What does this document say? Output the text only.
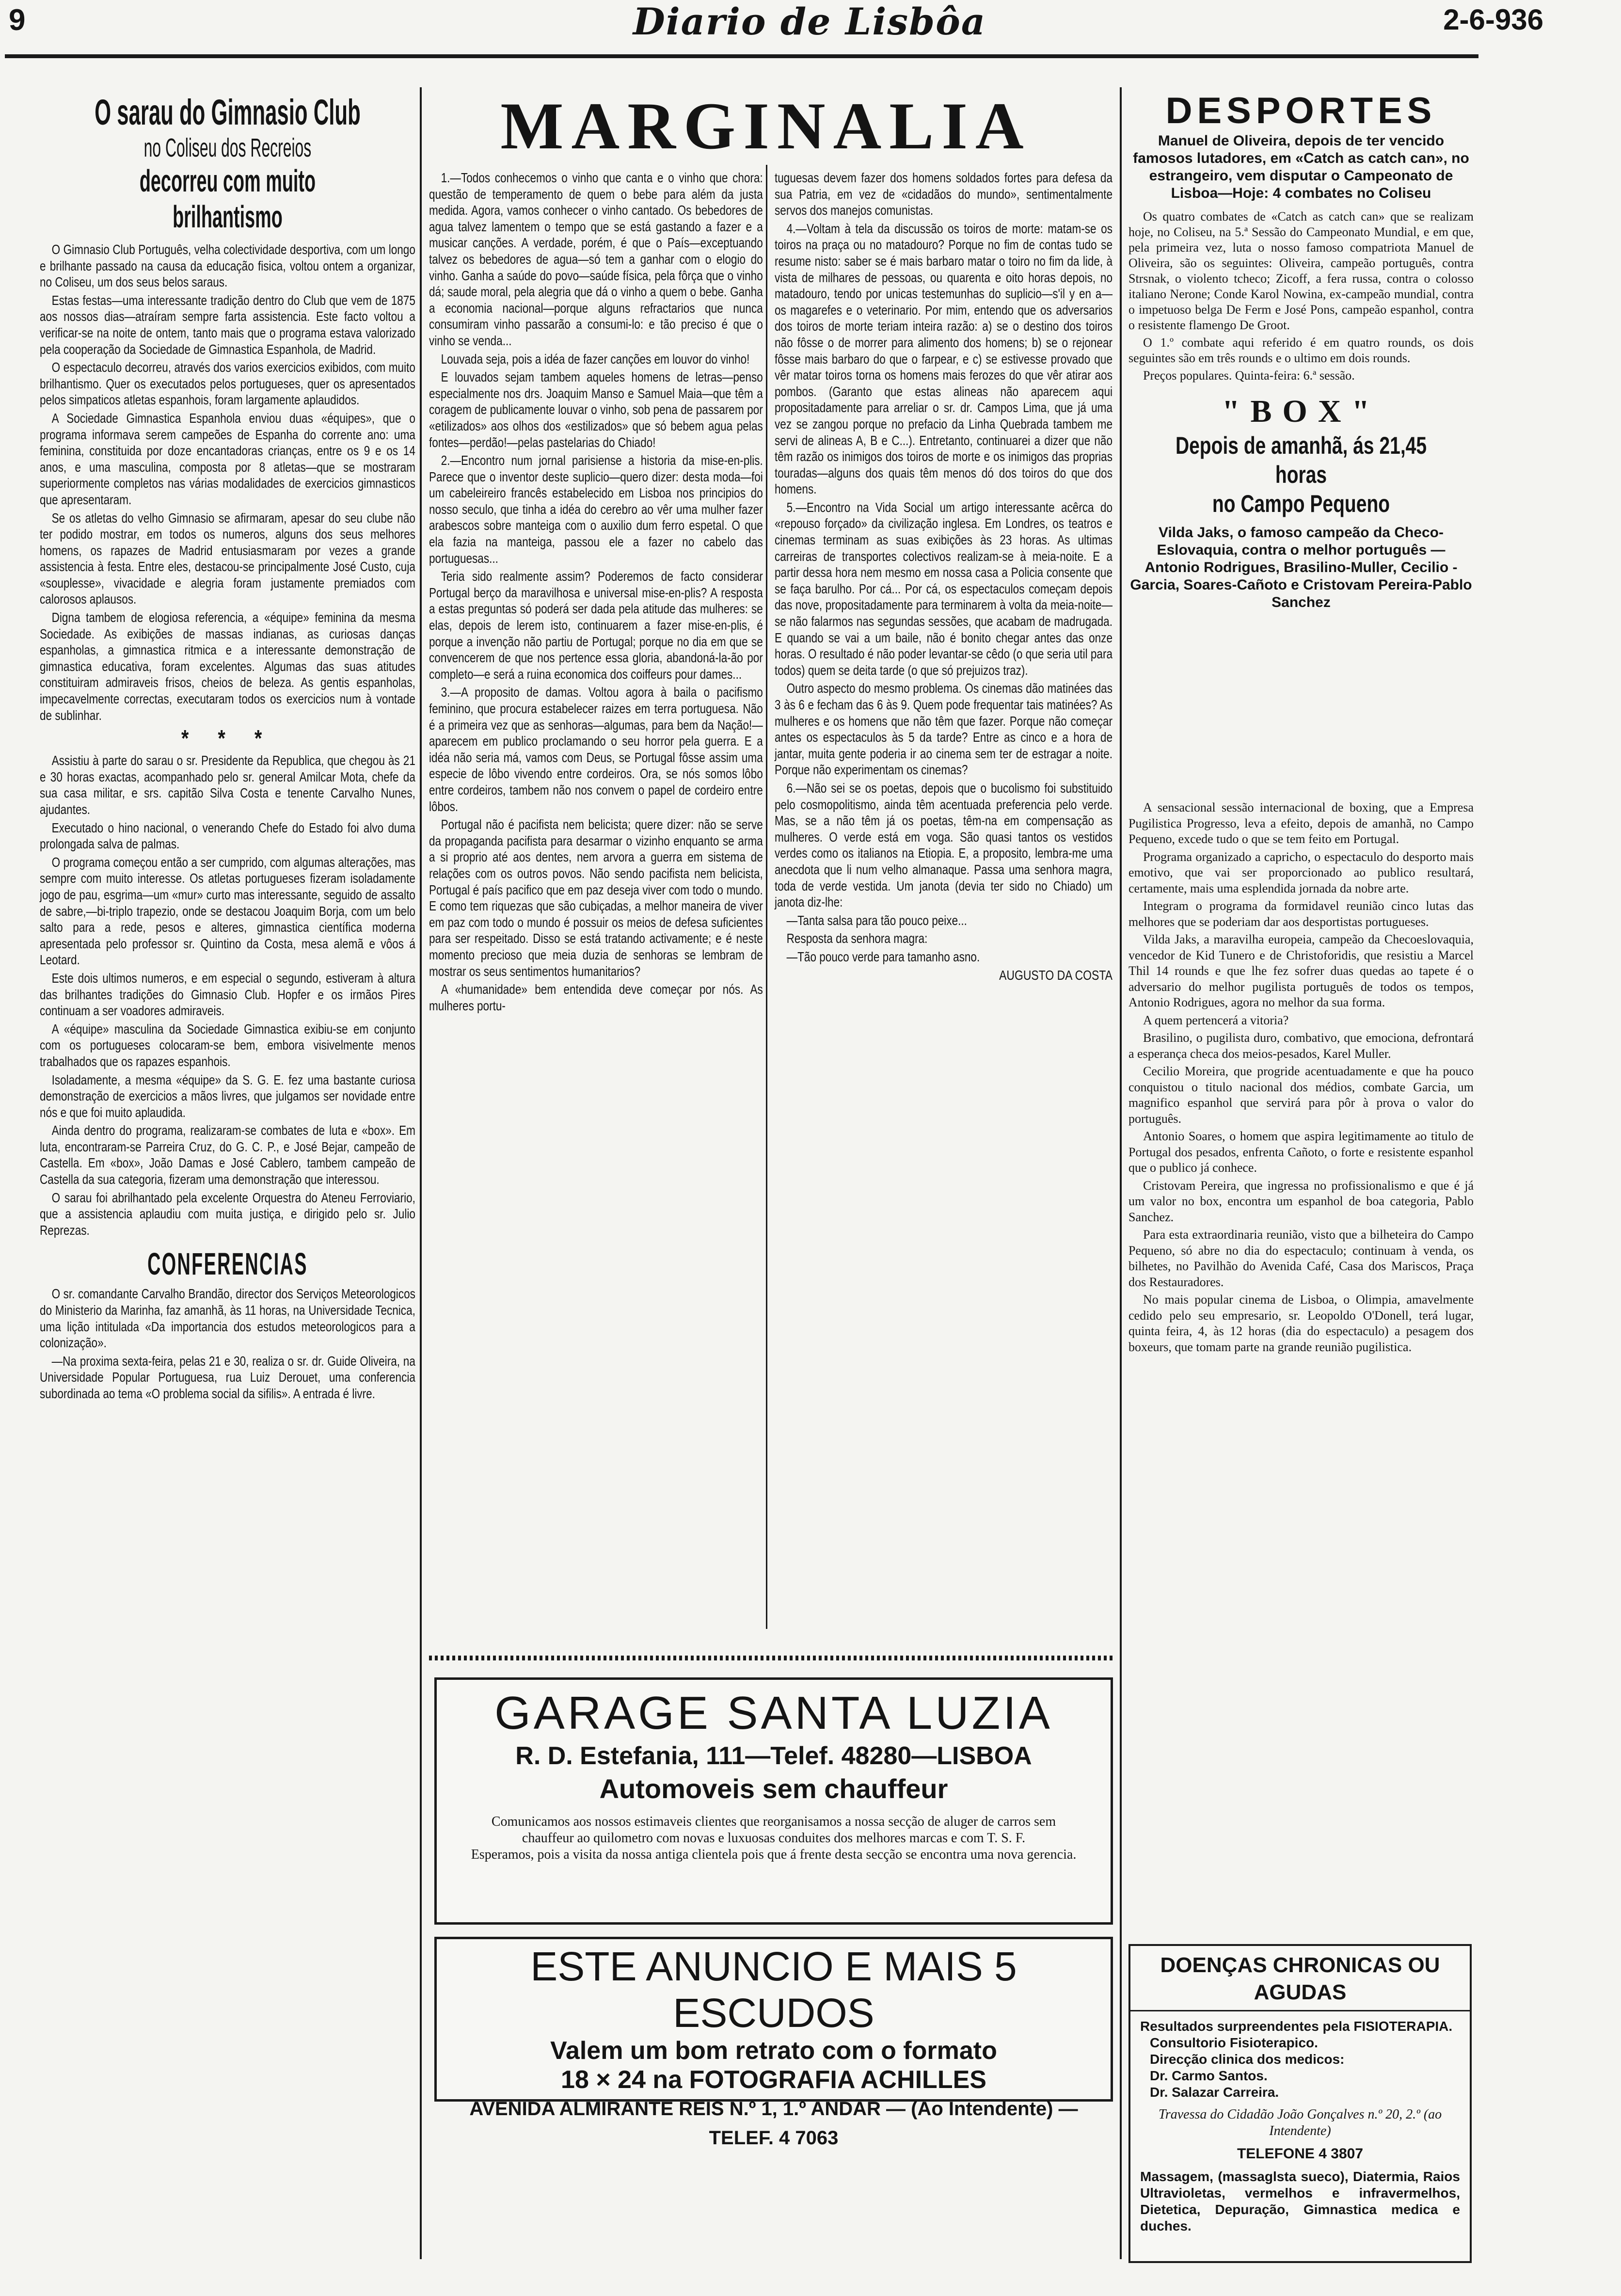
9	Diario de Lisbôa	2-6-936
O sarau do Gimnasio Club
no Coliseu dos Recreios
decorreu com muito brilhantismo

O Gimnasio Club Português, velha colectividade desportiva, com um longo e brilhante passado na causa da educação fisica, voltou ontem a organizar, no Coliseu, um dos seus belos saraus.

Estas festas—uma interessante tradição dentro do Club que vem de 1875 aos nossos dias—atraíram sempre farta assistencia. Este facto voltou a verificar-se na noite de ontem, tanto mais que o programa estava valorizado pela cooperação da Sociedade de Gimnastica Espanhola, de Madrid.

O espectaculo decorreu, através dos varios exercicios exibidos, com muito brilhantismo. Quer os executados pelos portugueses, quer os apresentados pelos simpaticos atletas espanhois, foram largamente aplaudidos.

A Sociedade Gimnastica Espanhola enviou duas «équipes», que o programa informava serem campeões de Espanha do corrente ano: uma feminina, constituida por doze encantadoras crianças, entre os 9 e os 14 anos, e uma masculina, composta por 8 atletas—que se mostraram superiormente completos nas várias modalidades de exercicios gimnasticos que apresentaram.

Se os atletas do velho Gimnasio se afirmaram, apesar do seu clube não ter podido mostrar, em todos os numeros, alguns dos seus melhores homens, os rapazes de Madrid entusiasmaram por vezes a grande assistencia à festa. Entre eles, destacou-se principalmente José Custo, cuja «souplesse», vivacidade e alegria foram justamente premiados com calorosos aplausos.

Digna tambem de elogiosa referencia, a «équipe» feminina da mesma Sociedade. As exibições de massas indianas, as curiosas danças espanholas, a gimnastica ritmica e a interessante demonstração de gimnastica educativa, foram excelentes. Algumas das suas atitudes constituiram admiraveis frisos, cheios de beleza. As gentis espanholas, impecavelmente correctas, executaram todos os exercicios num à vontade de sublinhar.

* * *

Assistiu à parte do sarau o sr. Presidente da Republica, que chegou às 21 e 30 horas exactas, acompanhado pelo sr. general Amilcar Mota, chefe da sua casa militar, e srs. capitão Silva Costa e tenente Carvalho Nunes, ajudantes.

Executado o hino nacional, o venerando Chefe do Estado foi alvo duma prolongada salva de palmas.

O programa começou então a ser cumprido, com algumas alterações, mas sempre com muito interesse. Os atletas portugueses fizeram isoladamente jogo de pau, esgrima—um «mur» curto mas interessante, seguido de assalto de sabre,—bi-triplo trapezio, onde se destacou Joaquim Borja, com um belo salto para a rede, pesos e alteres, gimnastica científica moderna apresentada pelo professor sr. Quintino da Costa, mesa alemã e vôos á Leotard.

Este dois ultimos numeros, e em especial o segundo, estiveram à altura das brilhantes tradições do Gimnasio Club. Hopfer e os irmãos Pires continuam a ser voadores admiraveis.

A «équipe» masculina da Sociedade Gimnastica exibiu-se em conjunto com os portugueses colocaram-se bem, embora visivelmente menos trabalhados que os rapazes espanhois.

Isoladamente, a mesma «équipe» da S. G. E. fez uma bastante curiosa demonstração de exercicios a mãos livres, que julgamos ser novidade entre nós e que foi muito aplaudida.

Ainda dentro do programa, realizaram-se combates de luta e «box». Em luta, encontraram-se Parreira Cruz, do G. C. P., e José Bejar, campeão de Castella. Em «box», João Damas e José Cablero, tambem campeão de Castella da sua categoria, fizeram uma demonstração que interessou.

O sarau foi abrilhantado pela excelente Orquestra do Ateneu Ferroviario, que a assistencia aplaudiu com muita justiça, e dirigido pelo sr. Julio Reprezas.

CONFERENCIAS

O sr. comandante Carvalho Brandão, director dos Serviços Meteorologicos do Ministerio da Marinha, faz amanhã, às 11 horas, na Universidade Tecnica, uma lição intitulada «Da importancia dos estudos meteorologicos para a colonização».

—Na proxima sexta-feira, pelas 21 e 30, realiza o sr. dr. Guide Oliveira, na Universidade Popular Portuguesa, rua Luiz Derouet, uma conferencia subordinada ao tema «O problema social da sifilis». A entrada é livre.

MARGINALIA

1.—Todos conhecemos o vinho que canta e o vinho que chora: questão de temperamento de quem o bebe para além da justa medida. Agora, vamos conhecer o vinho cantado. Os bebedores de agua talvez lamentem o tempo que se está gastando a fazer e a musicar canções. A verdade, porém, é que o País—exceptuando talvez os bebedores de agua—só tem a ganhar com o elogio do vinho. Ganha a saúde do povo—saúde física, pela fôrça que o vinho dá; saude moral, pela alegria que dá o vinho a quem o bebe. Ganha a economia nacional—porque alguns refractarios que nunca consumiram vinho passarão a consumi-lo: e tão preciso é que o vinho se venda...

Louvada seja, pois a idéa de fazer canções em louvor do vinho!

E louvados sejam tambem aqueles homens de letras—penso especialmente nos drs. Joaquim Manso e Samuel Maia—que têm a coragem de publicamente louvar o vinho, sob pena de passarem por «etilizados» aos olhos dos «estilizados» que só bebem agua pelas fontes—perdão!—pelas pastelarias do Chiado!

2.—Encontro num jornal parisiense a historia da mise-en-plis. Parece que o inventor deste suplicio—quero dizer: desta moda—foi um cabeleireiro francês estabelecido em Lisboa nos principios do nosso seculo, que tinha a idéa do cerebro ao vêr uma mulher fazer arabescos sobre manteiga com o auxilio dum ferro espetal. O que ela fazia na manteiga, passou ele a fazer no cabelo das portuguesas...

Teria sido realmente assim? Poderemos de facto considerar Portugal berço da maravilhosa e universal mise-en-plis? A resposta a estas preguntas só poderá ser dada pela atitude das mulheres: se elas, depois de lerem isto, continuarem a fazer mise-en-plis, é porque a invenção não partiu de Portugal; porque no dia em que se convencerem de que nos pertence essa gloria, abandoná-la-ão por completo—e será a ruina economica dos coiffeurs pour dames...

3.—A proposito de damas. Voltou agora à baila o pacifismo feminino, que procura estabelecer raizes em terra portuguesa. Não é a primeira vez que as senhoras—algumas, para bem da Nação!—aparecem em publico proclamando o seu horror pela guerra. E a idéa não seria má, vamos com Deus, se Portugal fôsse assim uma especie de lôbo vivendo entre cordeiros. Ora, se nós somos lôbo entre cordeiros, tambem não nos convem o papel de cordeiro entre lôbos.

Portugal não é pacifista nem belicista; quere dizer: não se serve da propaganda pacifista para desarmar o vizinho enquanto se arma a si proprio até aos dentes, nem arvora a guerra em sistema de relações com os outros povos. Não sendo pacifista nem belicista, Portugal é país pacifico que em paz deseja viver com todo o mundo. E como tem riquezas que são cubiçadas, a melhor maneira de viver em paz com todo o mundo é possuir os meios de defesa suficientes para ser respeitado. Disso se está tratando activamente; e é neste momento precioso que meia duzia de senhoras se lembram de mostrar os seus sentimentos humanitarios?

A «humanidade» bem entendida deve começar por nós. As mulheres portu-

tuguesas devem fazer dos homens soldados fortes para defesa da sua Patria, em vez de «cidadãos do mundo», sentimentalmente servos dos manejos comunistas.

4.—Voltam à tela da discussão os toiros de morte: matam-se os toiros na praça ou no matadouro? Porque no fim de contas tudo se resume nisto: saber se é mais barbaro matar o toiro no fim da lide, à vista de milhares de pessoas, ou quarenta e oito horas depois, no matadouro, tendo por unicas testemunhas do suplicio—s'il y en a—os magarefes e o veterinario. Por mim, entendo que os adversarios dos toiros de morte teriam inteira razão: a) se o destino dos toiros não fôsse o de morrer para alimento dos homens; b) se o rejonear fôsse mais barbaro do que o farpear, e c) se estivesse provado que vêr matar toiros torna os homens mais ferozes do que vêr atirar aos pombos. (Garanto que estas alineas não aparecem aqui propositadamente para arreliar o sr. dr. Campos Lima, que já uma vez se zangou porque no prefacio da Linha Quebrada tambem me servi de alineas A, B e C...). Entretanto, continuarei a dizer que não têm razão os inimigos dos toiros de morte e os inimigos das proprias touradas—alguns dos quais têm menos dó dos toiros do que dos homens.

5.—Encontro na Vida Social um artigo interessante acêrca do «repouso forçado» da civilização inglesa. Em Londres, os teatros e cinemas terminam as suas exibições às 23 horas. As ultimas carreiras de transportes colectivos realizam-se à meia-noite. E a partir dessa hora nem mesmo em nossa casa a Policia consente que se faça barulho. Por cá... Por cá, os espectaculos começam depois das nove, propositadamente para terminarem à volta da meia-noite—se não falarmos nas segundas sessões, que acabam de madrugada. E quando se vai a um baile, não é bonito chegar antes das onze horas. O resultado é não poder levantar-se cêdo (o que seria util para todos) quem se deita tarde (o que só prejuizos traz).

Outro aspecto do mesmo problema. Os cinemas dão matinées das 3 às 6 e fecham das 6 às 9. Quem pode frequentar tais matinées? As mulheres e os homens que não têm que fazer. Porque não começar antes os espectaculos às 5 da tarde? Entre as cinco e a hora de jantar, muita gente poderia ir ao cinema sem ter de estragar a noite. Porque não experimentam os cinemas?

6.—Não sei se os poetas, depois que o bucolismo foi substituido pelo cosmopolitismo, ainda têm acentuada preferencia pelo verde. Mas, se a não têm já os poetas, têm-na em compensação as mulheres. O verde está em voga. São quasi tantos os vestidos verdes como os italianos na Etiopia. E, a proposito, lembra-me uma anecdota que li num velho almanaque. Passa uma senhora magra, toda de verde vestida. Um janota (devia ter sido no Chiado) um janota diz-lhe:

—Tanta salsa para tão pouco peixe...

Resposta da senhora magra:

—Tão pouco verde para tamanho asno.

AUGUSTO DA COSTA
GARAGE SANTA LUZIA
R. D. Estefania, 111—Telef. 48280—LISBOA
Automoveis sem chauffeur
Comunicamos aos nossos estimaveis clientes que reorganisamos a nossa secção de aluger de carros sem chauffeur ao quilometro com novas e luxuosas conduites dos melhores marcas e com T. S. F.
Esperamos, pois a visita da nossa antiga clientela pois que á frente desta secção se encontra uma nova gerencia.
ESTE ANUNCIO E MAIS 5 ESCUDOS
Valem um bom retrato com o formato
18 × 24 na FOTOGRAFIA ACHILLES
AVENIDA ALMIRANTE REIS N.º 1, 1.º ANDAR — (Ao Intendente) — TELEF. 4 7063
DESPORTES
Manuel de Oliveira, depois de ter vencido famosos lutadores, em «Catch as catch can», no estrangeiro, vem disputar o Campeonato de Lisboa—Hoje: 4 combates no Coliseu

Os quatro combates de «Catch as catch can» que se realizam hoje, no Coliseu, na 5.ª Sessão do Campeonato Mundial, e em que, pela primeira vez, luta o nosso famoso compatriota Manuel de Oliveira, são os seguintes: Oliveira, campeão português, contra Strsnak, o violento tcheco; Zicoff, a fera russa, contra o colosso italiano Nerone; Conde Karol Nowina, ex-campeão mundial, contra o impetuoso belga De Ferm e José Pons, campeão espanhol, contra o resistente flamengo De Groot.

O 1.º combate aqui referido é em quatro rounds, os dois seguintes são em três rounds e o ultimo em dois rounds.

Preços populares. Quinta-feira: 6.ª sessão.

"BOX"
Depois de amanhã, ás 21,45 horas
no Campo Pequeno
Vilda Jaks, o famoso campeão da Checo-Eslovaquia, contra o melhor português — Antonio Rodrigues, Brasilino-Muller, Cecilio - Garcia, Soares-Cañoto e Cristovam Pereira-Pablo Sanchez

A sensacional sessão internacional de boxing, que a Empresa Pugilistica Progresso, leva a efeito, depois de amanhã, no Campo Pequeno, excede tudo o que se tem feito em Portugal.

Programa organizado a capricho, o espectaculo do desporto mais emotivo, que vai ser proporcionado ao publico resultará, certamente, mais uma esplendida jornada da nobre arte.

Integram o programa da formidavel reunião cinco lutas das melhores que se poderiam dar aos desportistas portugueses.

Vilda Jaks, a maravilha europeia, campeão da Checoeslovaquia, vencedor de Kid Tunero e de Christoforidis, que resistiu a Marcel Thil 14 rounds e que lhe fez sofrer duas quedas ao tapete é o adversario do melhor pugilista português de todos os tempos, Antonio Rodrigues, agora no melhor da sua forma.

A quem pertencerá a vitoria?

Brasilino, o pugilista duro, combativo, que emociona, defrontará a esperança checa dos meios-pesados, Karel Muller.

Cecilio Moreira, que progride acentuadamente e que ha pouco conquistou o titulo nacional dos médios, combate Garcia, um magnifico espanhol que servirá para pôr à prova o valor do português.

Antonio Soares, o homem que aspira legitimamente ao titulo de Portugal dos pesados, enfrenta Cañoto, o forte e resistente espanhol que o publico já conhece.

Cristovam Pereira, que ingressa no profissionalismo e que é já um valor no box, encontra um espanhol de boa categoria, Pablo Sanchez.

Para esta extraordinaria reunião, visto que a bilheteira do Campo Pequeno, só abre no dia do espectaculo; continuam à venda, os bilhetes, no Pavilhão do Avenida Café, Casa dos Mariscos, Praça dos Restauradores.

No mais popular cinema de Lisboa, o Olimpia, amavelmente cedido pelo seu empresario, sr. Leopoldo O'Donell, terá lugar, quinta feira, 4, às 12 horas (dia do espectaculo) a pesagem dos boxeurs, que tomam parte na grande reunião pugilistica.

DOENÇAS CHRONICAS OU AGUDAS
Resultados surpreendentes pela FISIOTERAPIA.
Consultorio Fisioterapico.
Direcção clinica dos medicos:
Dr. Carmo Santos.
Dr. Salazar Carreira.
Travessa do Cidadão João Gonçalves n.º 20, 2.º (ao Intendente)
TELEFONE 4 3807
Massagem, (massaglsta sueco), Diatermia, Raios Ultravioletas, vermelhos e infravermelhos, Dietetica, Depuração, Gimnastica medica e duches.
